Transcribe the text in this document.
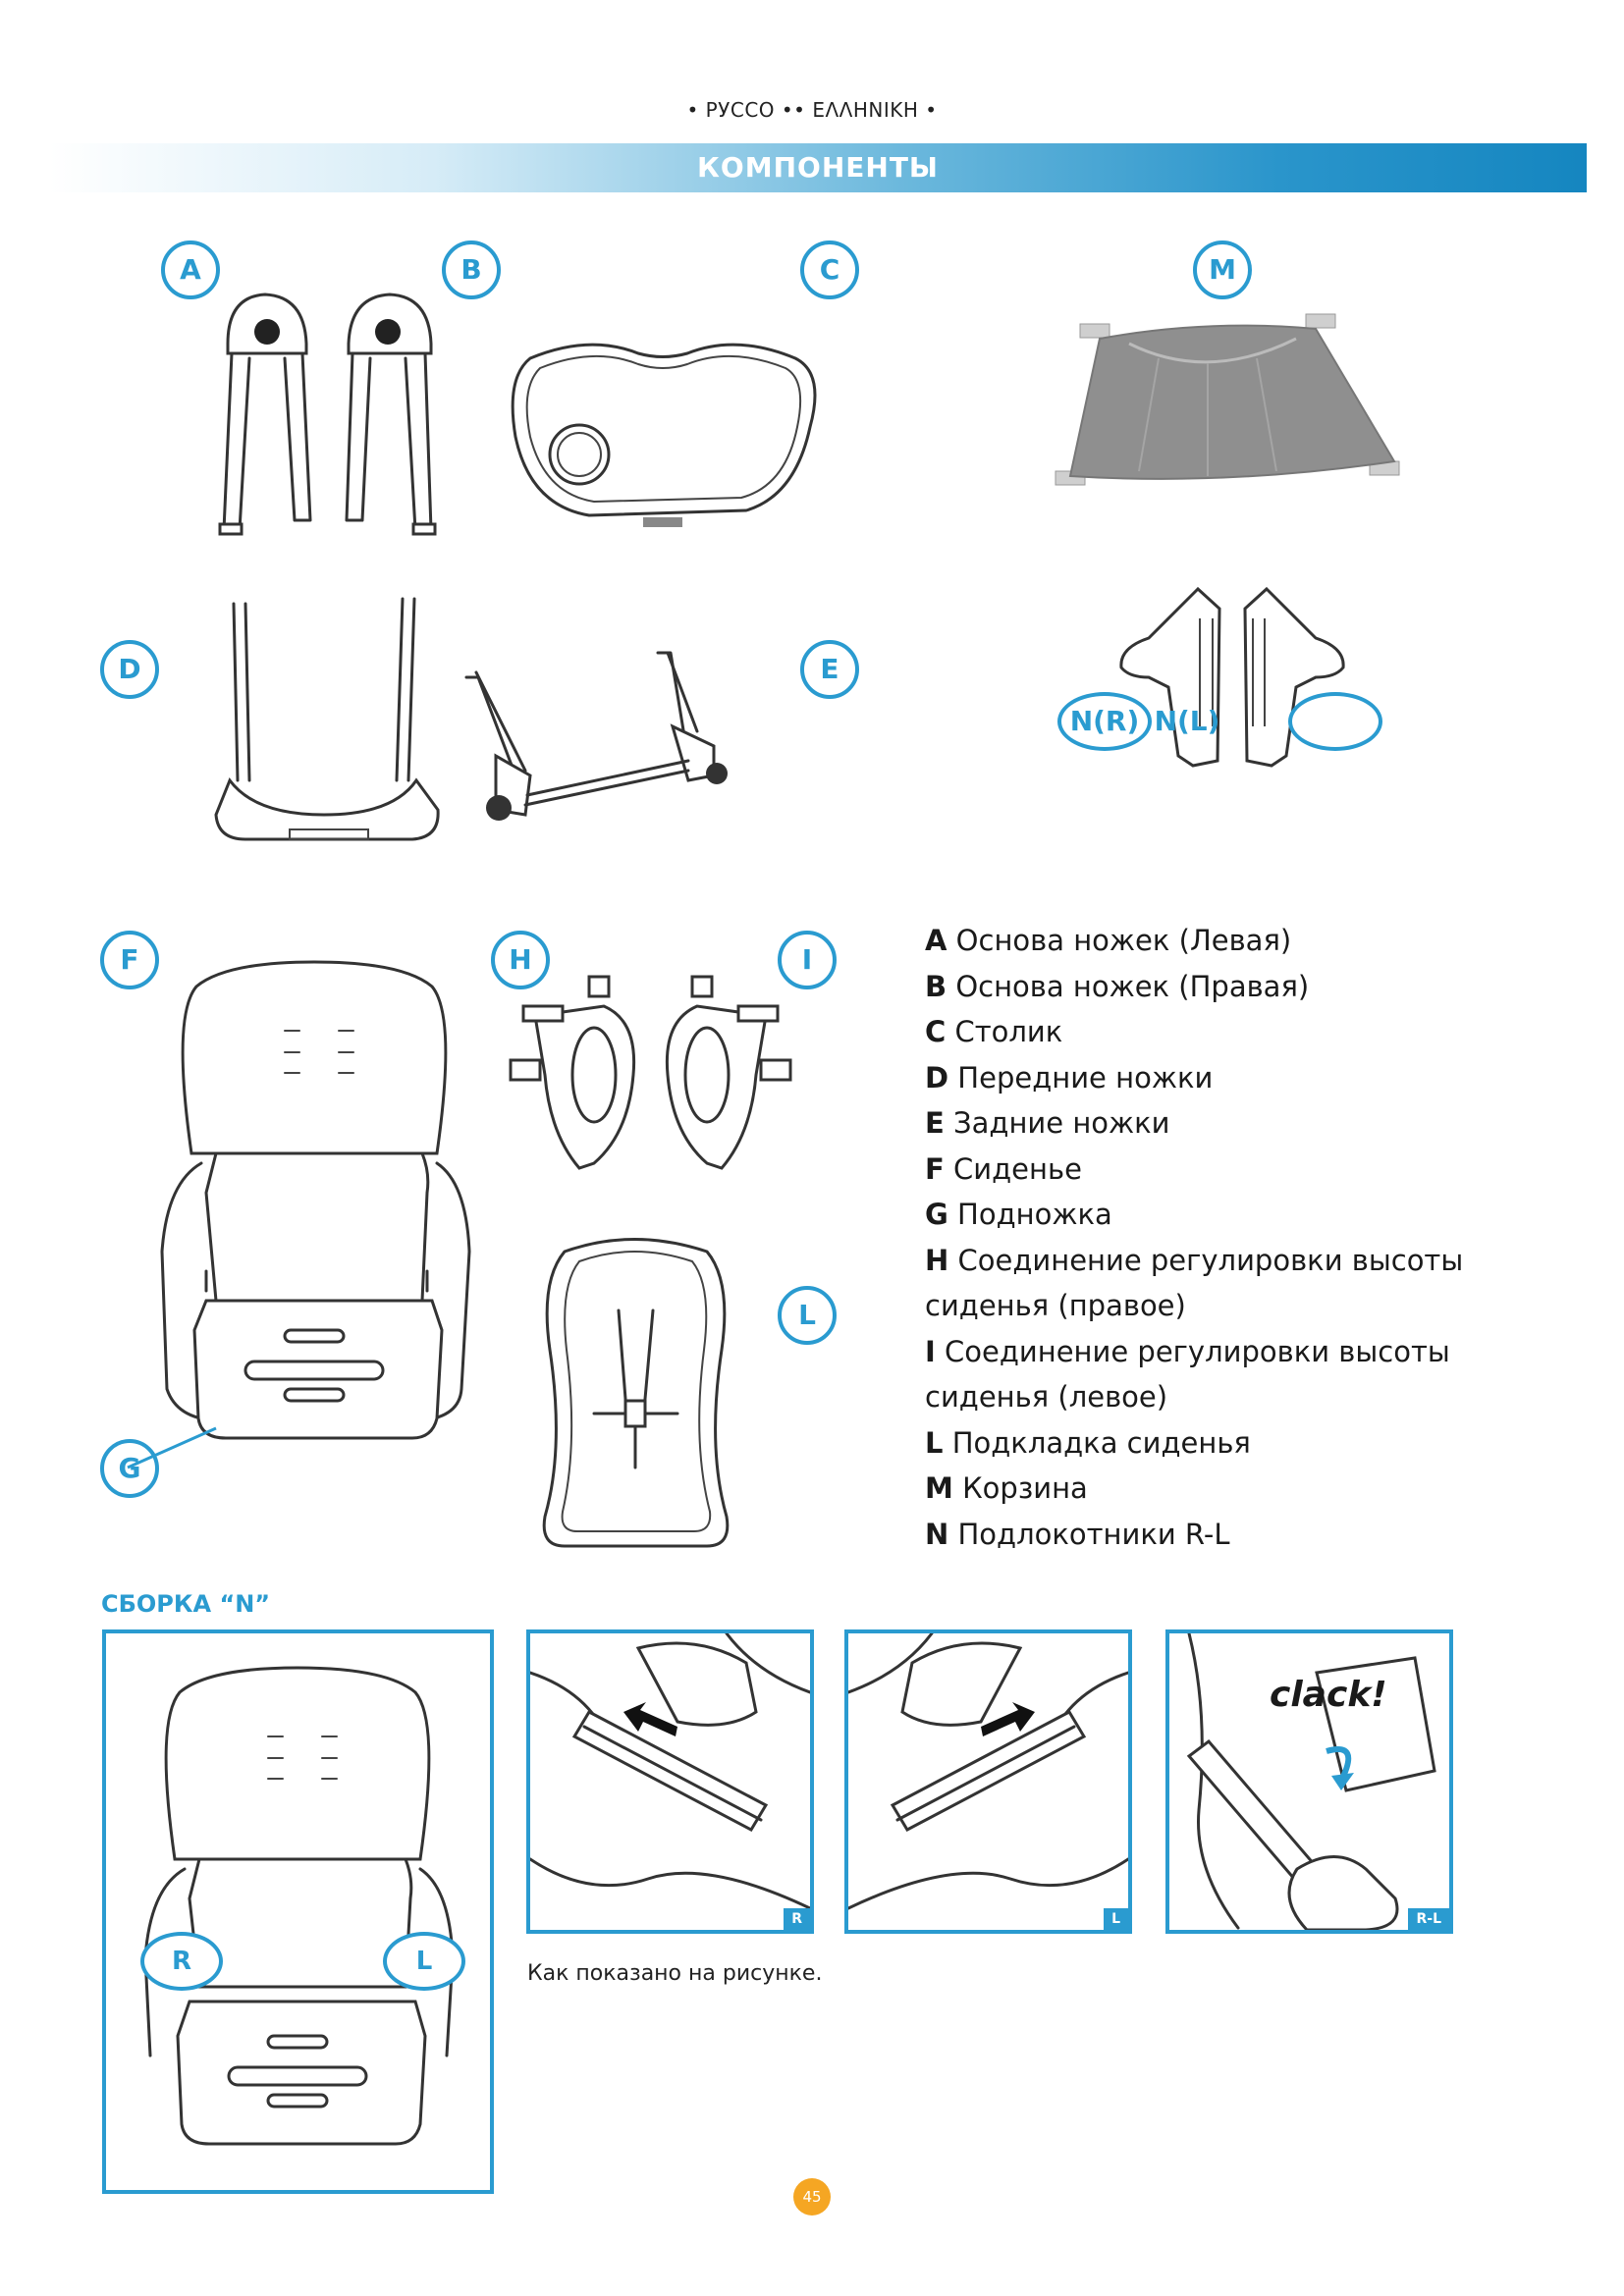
• РУССО •• ΕΛΛΗΝΙΚΗ •
КОМПОНЕНТЫ
A	B	C	M
D	E
F	H	I
L
G
N(R) N(L)
A Основа ножек (Левая)
B Основа ножек (Правая)
C Столик
D Передние ножки
E Задние ножки
F Сиденье
G Подножка
H Соединение регулировки высоты
сиденья (правое)
I Соединение регулировки высоты
сиденья (левое)
L Подкладка сиденья
M Корзина
N Подлокотники R-L
СБОРКА “N”
R	L
R	L
clack!
R-L
Как показано на рисунке.
45
